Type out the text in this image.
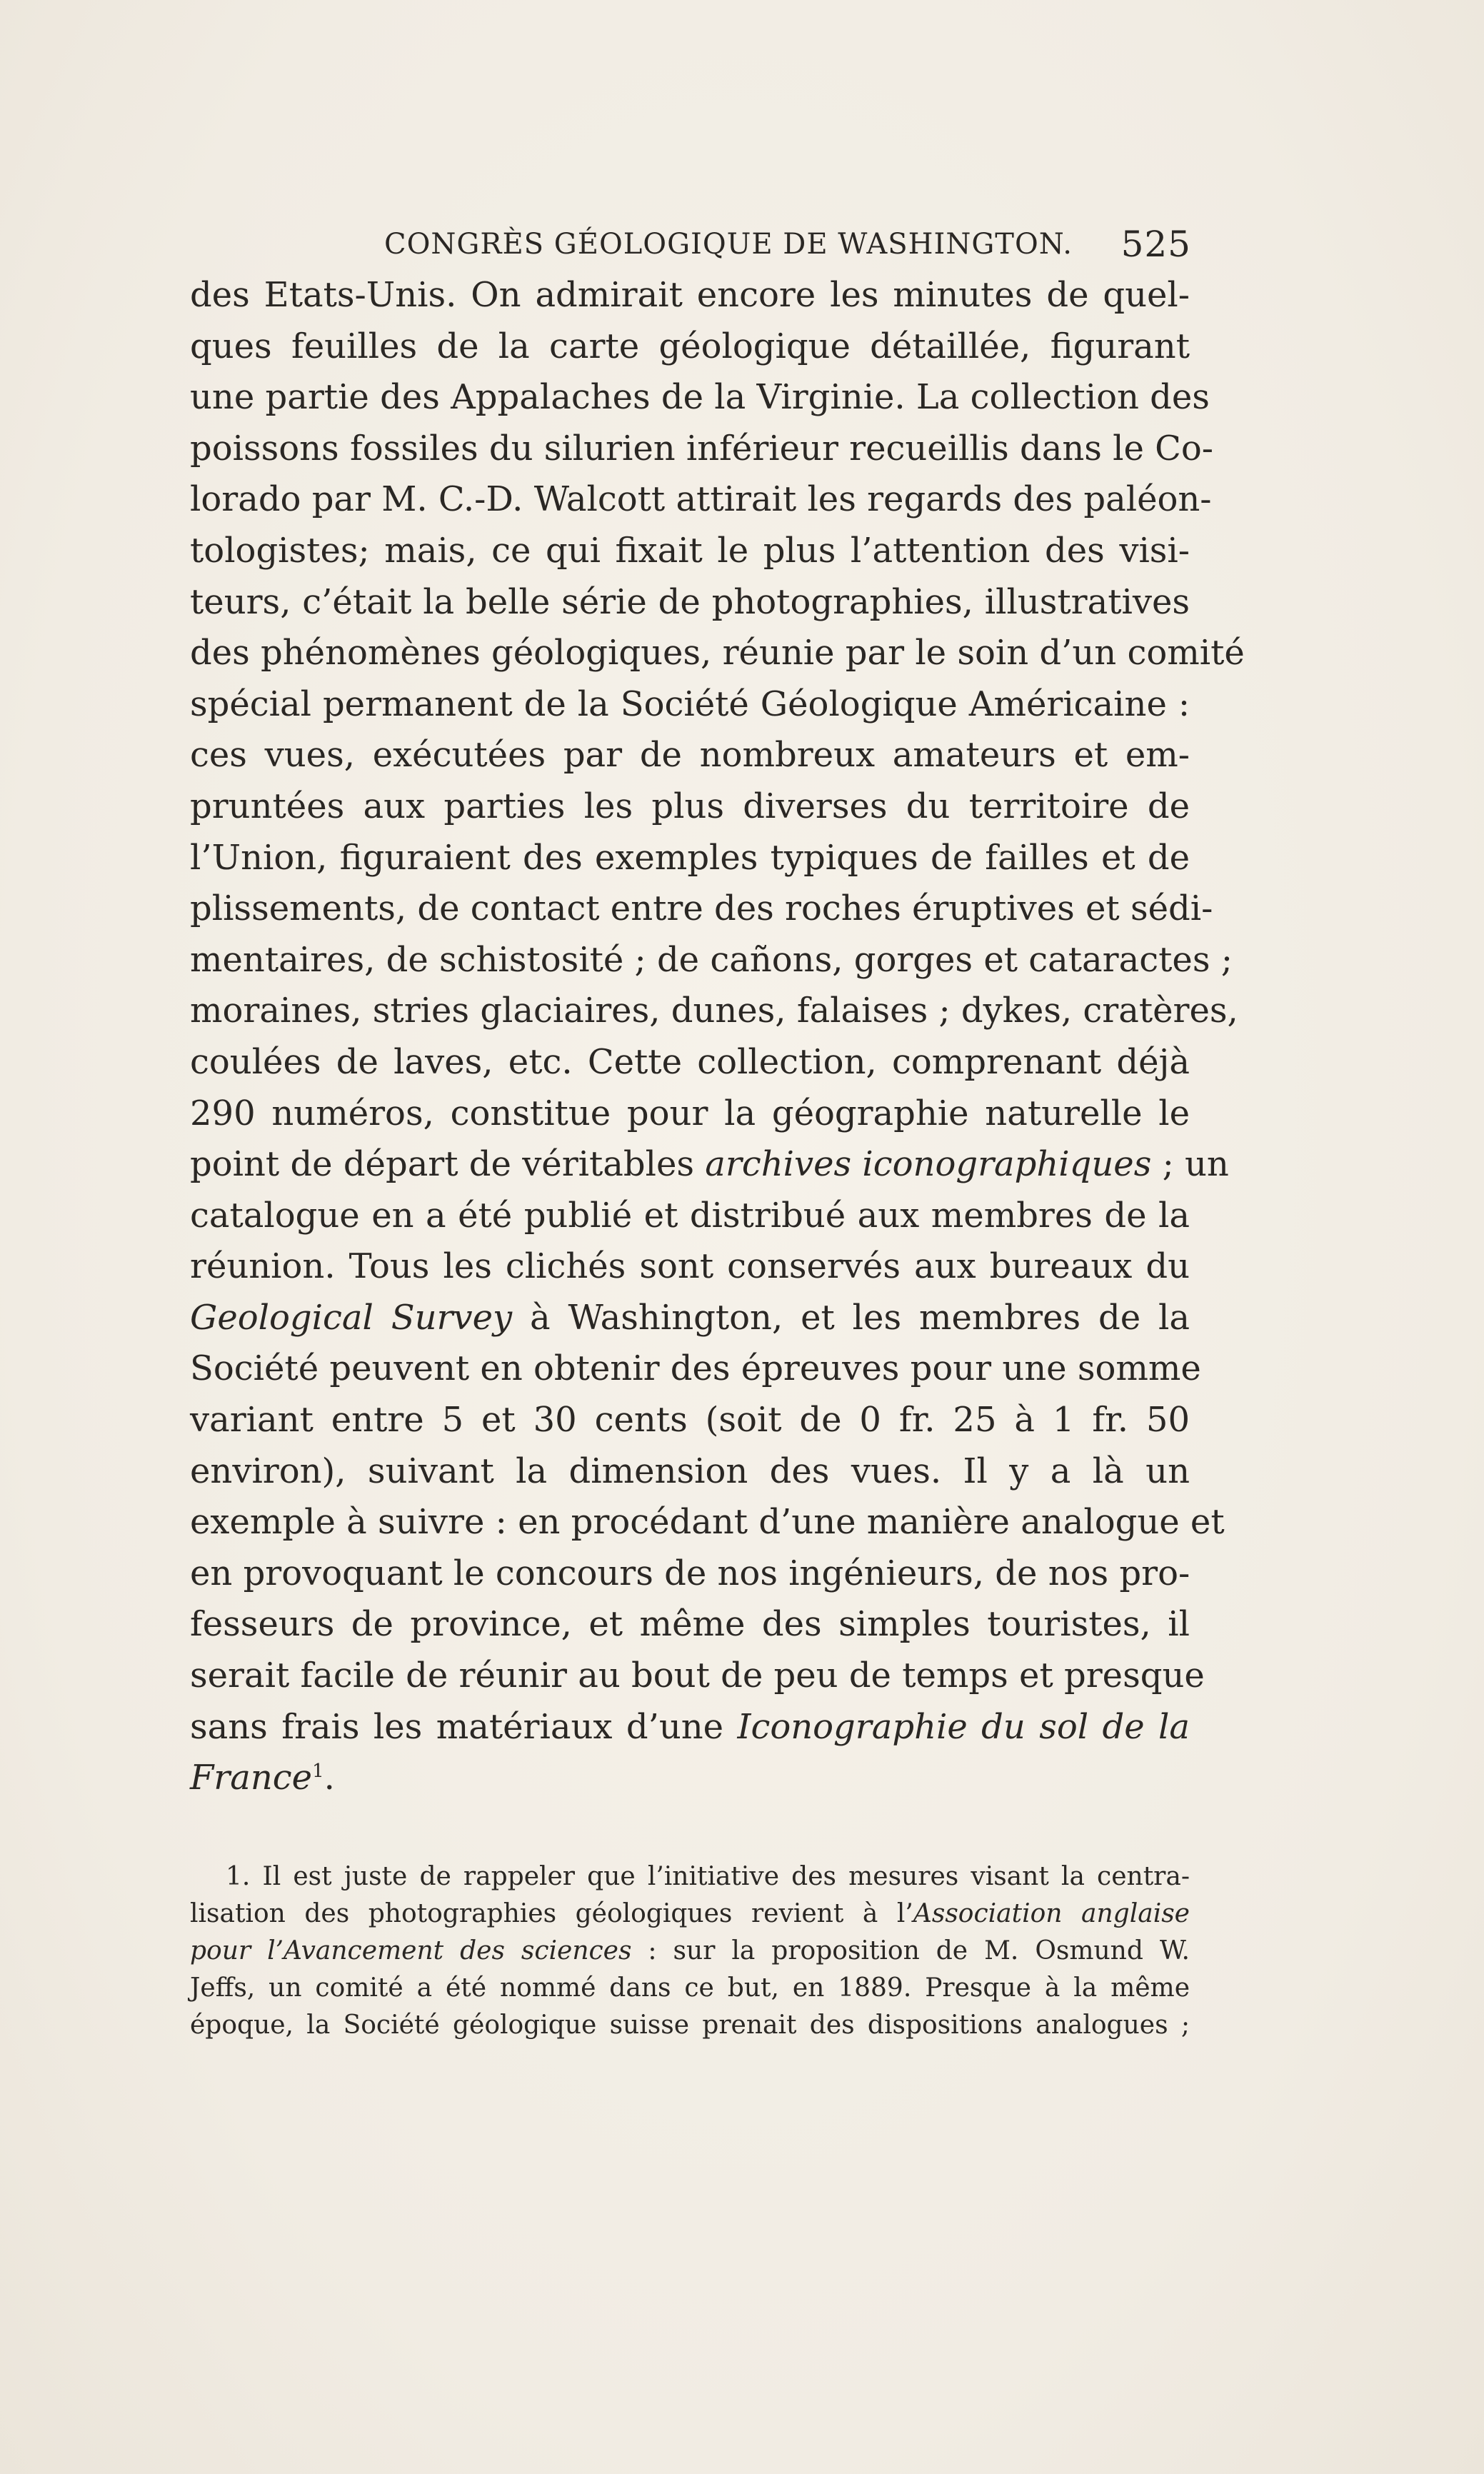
CONGRÈS GÉOLOGIQUE DE WASHINGTON. 525
des Etats-Unis. On admirait encore les minutes de quel-
ques feuilles de la carte géologique détaillée, figurant
une partie des Appalaches de la Virginie. La collection des
poissons fossiles du silurien inférieur recueillis dans le Co-
lorado par M. C.-D. Walcott attirait les regards des paléon-
tologistes; mais, ce qui fixait le plus l’attention des visi-
teurs, c’était la belle série de photographies, illustratives
des phénomènes géologiques, réunie par le soin d’un comité
spécial permanent de la Société Géologique Américaine :
ces vues, exécutées par de nombreux amateurs et em-
pruntées aux parties les plus diverses du territoire de
l’Union, figuraient des exemples typiques de failles et de
plissements, de contact entre des roches éruptives et sédi-
mentaires, de schistosité ; de cañons, gorges et cataractes ;
moraines, stries glaciaires, dunes, falaises ; dykes, cratères,
coulées de laves, etc. Cette collection, comprenant déjà
290 numéros, constitue pour la géographie naturelle le
point de départ de véritables archives iconographiques ; un
catalogue en a été publié et distribué aux membres de la
réunion. Tous les clichés sont conservés aux bureaux du
Geological Survey à Washington, et les membres de la
Société peuvent en obtenir des épreuves pour une somme
variant entre 5 et 30 cents (soit de 0 fr. 25 à 1 fr. 50
environ), suivant la dimension des vues. Il y a là un
exemple à suivre : en procédant d’une manière analogue et
en provoquant le concours de nos ingénieurs, de nos pro-
fesseurs de province, et même des simples touristes, il
serait facile de réunir au bout de peu de temps et presque
sans frais les matériaux d’une Iconographie du sol de la
France$^1$.
1. Il est juste de rappeler que l’initiative des mesures visant la centra-
lisation des photographies géologiques revient à l’Association anglaise
pour l’Avancement des sciences : sur la proposition de M. Osmund W.
Jeffs, un comité a été nommé dans ce but, en 1889. Presque à la même
époque, la Société géologique suisse prenait des dispositions analogues ;
